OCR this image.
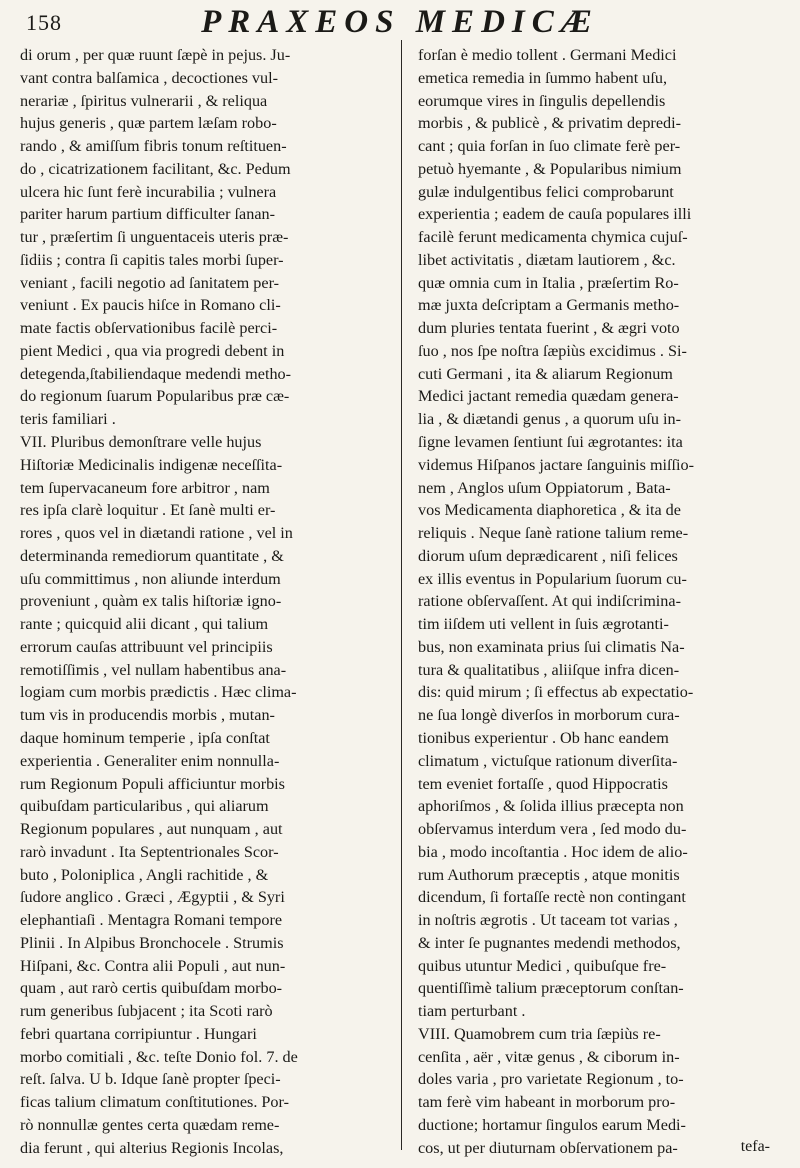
158	PRAXEOS MEDICÆ
di orum , per quæ ruunt ſæpè in pejus. Ju-
vant contra balſamica , decoctiones vul-
nerariæ , ſpiritus vulnerarii , & reliqua
hujus generis , quæ partem læſam robo-
rando , & amiſſum fibris tonum reſtituen-
do , cicatrizationem facilitant, &c. Pedum
ulcera hic ſunt ferè incurabilia ; vulnera
pariter harum partium difficulter ſanan-
tur , præſertim ſi unguentaceis uteris præ-
ſidiis ; contra ſi capitis tales morbi ſuper-
veniant , facili negotio ad ſanitatem per-
veniunt . Ex paucis hiſce in Romano cli-
mate factis obſervationibus facilè perci-
pient Medici , qua via progredi debent in
detegenda,ſtabiliendaque medendi metho-
do regionum ſuarum Popularibus præ cæ-
teris familiari .
VII. Pluribus demonſtrare velle hujus
Hiſtoriæ Medicinalis indigenæ neceſſita-
tem ſupervacaneum fore arbitror , nam
res ipſa clarè loquitur . Et ſanè multi er-
rores , quos vel in diætandi ratione , vel in
determinanda remediorum quantitate , &
uſu committimus , non aliunde interdum
proveniunt , quàm ex talis hiſtoriæ igno-
rante ; quicquid alii dicant , qui talium
errorum cauſas attribuunt vel principiis
remotiſſimis , vel nullam habentibus ana-
logiam cum morbis prædictis . Hæc clima-
tum vis in producendis morbis , mutan-
daque hominum temperie , ipſa conſtat
experientia . Generaliter enim nonnulla-
rum Regionum Populi afficiuntur morbis
quibuſdam particularibus , qui aliarum
Regionum populares , aut nunquam , aut
rarò invadunt . Ita Septentrionales Scor-
buto , Poloniplica , Angli rachitide , &
ſudore anglico . Græci , Ægyptii , & Syri
elephantiaſi . Mentagra Romani tempore
Plinii . In Alpibus Bronchocele . Strumis
Hiſpani, &c. Contra alii Populi , aut nun-
quam , aut rarò certis quibuſdam morbo-
rum generibus ſubjacent ; ita Scoti rarò
febri quartana corripiuntur . Hungari
morbo comitiali , &c. teſte Donio fol. 7. de
reſt. ſalva. U b. Idque ſanè propter ſpeci-
ficas talium climatum conſtitutiones. Por-
rò nonnullæ gentes certa quædam reme-
dia ferunt , qui alterius Regionis Incolas,
forſan è medio tollent . Germani Medici
emetica remedia in ſummo habent uſu,
eorumque vires in ſingulis depellendis
morbis , & publicè , & privatim depredi-
cant ; quia forſan in ſuo climate ferè per-
petuò hyemante , & Popularibus nimium
gulæ indulgentibus felici comprobarunt
experientia ; eadem de cauſa populares illi
facilè ferunt medicamenta chymica cujuſ-
libet activitatis , diætam lautiorem , &c.
quæ omnia cum in Italia , præſertim Ro-
mæ juxta deſcriptam a Germanis metho-
dum pluries tentata fuerint , & ægri voto
ſuo , nos ſpe noſtra ſæpiùs excidimus . Si-
cuti Germani , ita & aliarum Regionum
Medici jactant remedia quædam genera-
lia , & diætandi genus , a quorum uſu in-
ſigne levamen ſentiunt ſui ægrotantes: ita
videmus Hiſpanos jactare ſanguinis miſſio-
nem , Anglos uſum Oppiatorum , Bata-
vos Medicamenta diaphoretica , & ita de
reliquis . Neque ſanè ratione talium reme-
diorum uſum deprædicarent , niſi felices
ex illis eventus in Popularium ſuorum cu-
ratione obſervaſſent. At qui indiſcrimina-
tim iiſdem uti vellent in ſuis ægrotanti-
bus, non examinata prius ſui climatis Na-
tura & qualitatibus , aliiſque infra dicen-
dis: quid mirum ; ſi effectus ab expectatio-
ne ſua longè diverſos in morborum cura-
tionibus experientur . Ob hanc eandem
climatum , victuſque rationum diverſita-
tem eveniet fortaſſe , quod Hippocratis
aphoriſmos , & ſolida illius præcepta non
obſervamus interdum vera , ſed modo du-
bia , modo incoſtantia . Hoc idem de alio-
rum Authorum præceptis , atque monitis
dicendum, ſi fortaſſe rectè non contingant
in noſtris ægrotis . Ut taceam tot varias ,
& inter ſe pugnantes medendi methodos,
quibus utuntur Medici , quibuſque fre-
quentiſſimè talium præceptorum conſtan-
tiam perturbant .
VIII. Quamobrem cum tria ſæpiùs re-
cenſita , aër , vitæ genus , & ciborum in-
doles varia , pro varietate Regionum , to-
tam ferè vim habeant in morborum pro-
ductione; hortamur ſingulos earum Medi-
cos, ut per diuturnam obſervationem pa-	tefa-
